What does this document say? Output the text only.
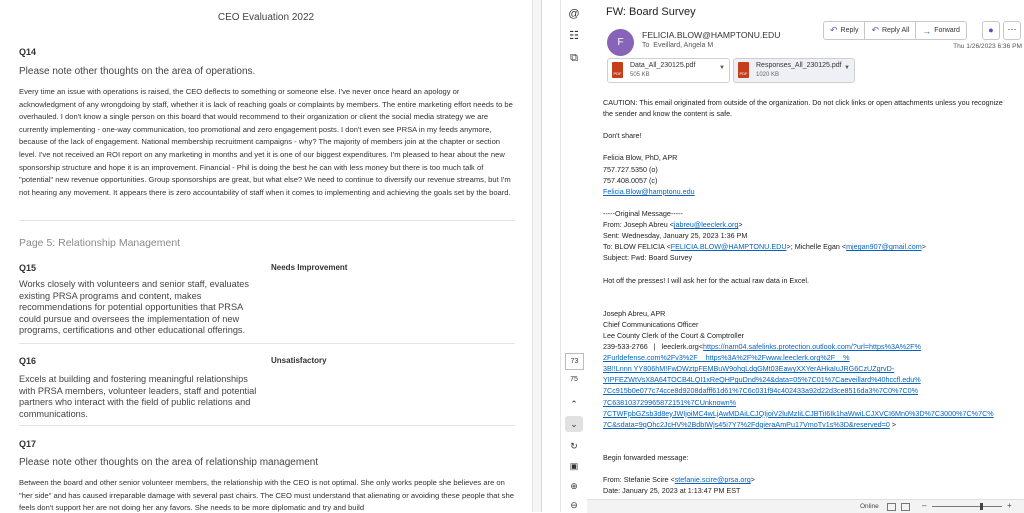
CEO Evaluation 2022
Q14
Please note other thoughts on the area of operations.
Every time an issue with operations is raised, the CEO deflects to something or someone else. I've never once heard an apology or acknowledgment of any wrongdoing by staff, whether it is lack of reaching goals or complaints by members. The entire marketing effort needs to be overhauled. I don't know a single person on this board that would recommend to their organization or client the social media strategy we are currently implementing - one-way communication, too promotional and zero engagement posts. I don't even see PRSA in my feeds anymore, because of the lack of engagement. National membership recruitment campaigns - why? The majority of members join at the chapter or section level. I've not received an ROI report on any marketing in months and yet it is one of our biggest expenditures. I'm pleased to hear about the new sponsorship structure and hope it is an improvement. Financial - Phil is doing the best he can with less money but there is too much talk of "potential" new revenue opportunities. Group sponsorships are great, but what else? We need to continue to diversify our revenue streams, but I'm not hearing any movement. It appears there is zero accountability of staff when it comes to implementing and achieving the goals set by the board.
Page 5: Relationship Management
Q15	Needs Improvement
Works closely with volunteers and senior staff, evaluates existing PRSA programs and content, makes recommendations for potential opportunities that PRSA could pursue and oversees the implementation of new programs, certifications and other educational offerings.
Q16	Unsatisfactory
Excels at building and fostering meaningful relationships with PRSA members, volunteer leaders, staff and potential partners who interact with the field of public relations and communications.
Q17
Please note other thoughts on the area of relationship management
Between the board and other senior volunteer members, the relationship with the CEO is not optimal. She only works people she believes are on "her side" and has caused irreparable damage with several past chairs. The CEO must understand that alienating or avoiding these people that she feels don't support her are not doing her any favors. She needs to be more diplomatic and try and build
@
☷
⧉
73
75
⌃
⌄
↻
▣
⊕
⊖
FW: Board Survey
F
FELICIA.BLOW@HAMPTONU.EDU
To Eveillard, Angela M
↶ Reply ↶ Reply All → Forward	●	⋯
Thu 1/26/2023 6:36 PM
PDF
Data_All_230125.pdf
505 KB
▼
PDF
Responses_All_230125.pdf
1020 KB
▼

CAUTION: This email originated from outside of the organization. Do not click links or open attachments unless you recognize the sender and know the content is safe.

Don't share!

Felicia Blow, PhD, APR

757.727.5350 (o)

757.408.0057 (c)

Felicia.Blow@hamptonu.edu

-----Original Message-----

From: Joseph Abreu <jabreu@leeclerk.org>

Sent: Wednesday, January 25, 2023 1:36 PM

To: BLOW FELICIA <FELICIA.BLOW@HAMPTONU.EDU>; Michelle Egan <mjegan907@gmail.com>

Subject: Fwd: Board Survey

Hot off the presses! I will ask her for the actual raw data in Excel.

Joseph Abreu, APR

Chief Communications Officer

Lee County Clerk of the Court & Comptroller

239-533-2766 | leeclerk.org<https://nam04.safelinks.protection.outlook.com/?url=https%3A%2F%

2Furldefense.com%2Fv3%2F__https%3A%2F%2Fwww.leeclerk.org%2F__%

3B!!Lnnn YY806hM!FwDWztpFEMBuW9ohqLdqGMt03EawyXXYerAHkaIuJRG6CzUZgrvD-

YIPFEZWtVsX8A64TOCB4LQI1xReQHPguDnd%24&data=05%7C01%7Caeveillard%40hccfl.edu%

7Cc915b0e077c74cce8d9208dafff61d61%7C6c031f94c402433a92d22d3ce8516da3%7C0%7C0%

7C638103729965872151%7CUnknown%

7CTWFpbGZsb3d8eyJWIjoiMC4wLjAwMDAiLCJQIjoiV2luMzIiLCJBTiI6Ik1haWwiLCJXVCI6Mn0%3D%7C3000%7C%7C%

7C&sdata=9qOhc2JcHV%2BdbIWjs45i7Y7%2FdgieraAmPu17VmoTv1s%3D&reserved=0 >

Begin forwarded message:

From: Stefanie Scire <stefanie.scire@prsa.org>

Date: January 25, 2023 at 1:13:47 PM EST

Online	–	+
